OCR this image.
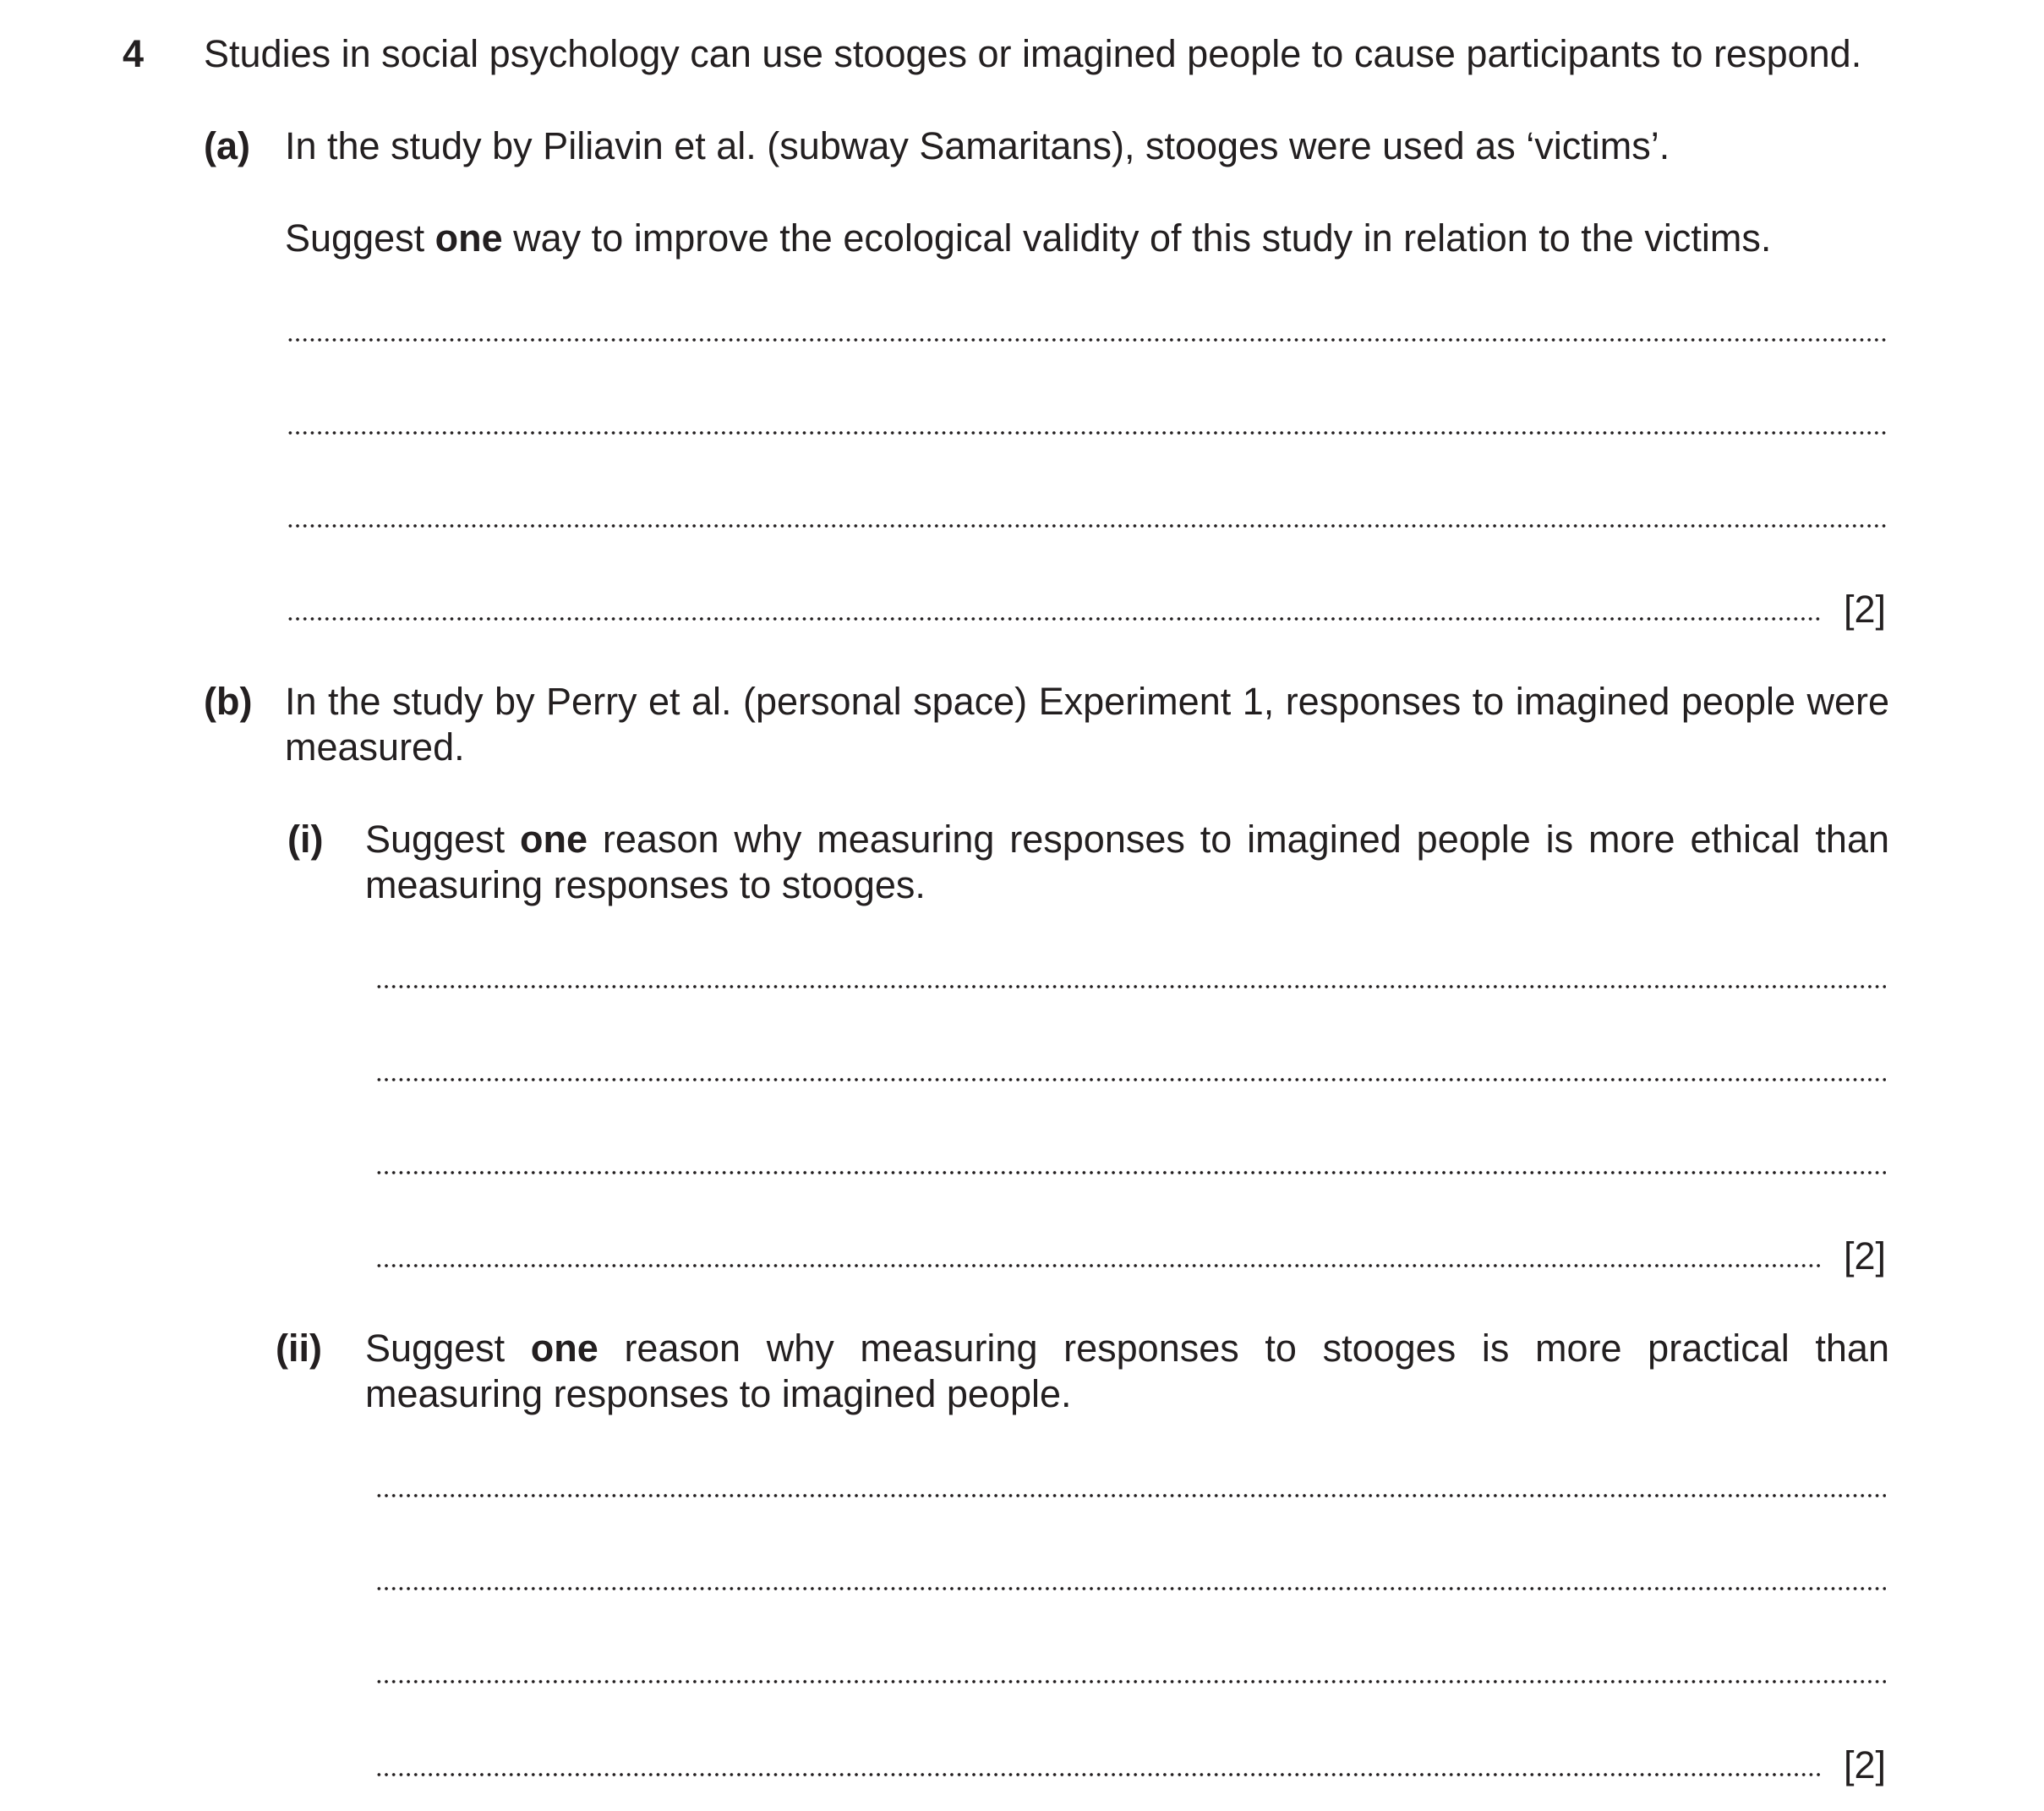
4 Studies in social psychology can use stooges or imagined people to cause participants to respond.
(a) In the study by Piliavin et al. (subway Samaritans), stooges were used as ‘victims’.
Suggest one way to improve the ecological validity of this study in relation to the victims.
[2]
(b) In the study by Perry et al. (personal space) Experiment 1, responses to imagined people were measured.
(i) Suggest one reason why measuring responses to imagined people is more ethical than measuring responses to stooges.
[2]
(ii) Suggest one reason why measuring responses to stooges is more practical than measuring responses to imagined people.
[2]
